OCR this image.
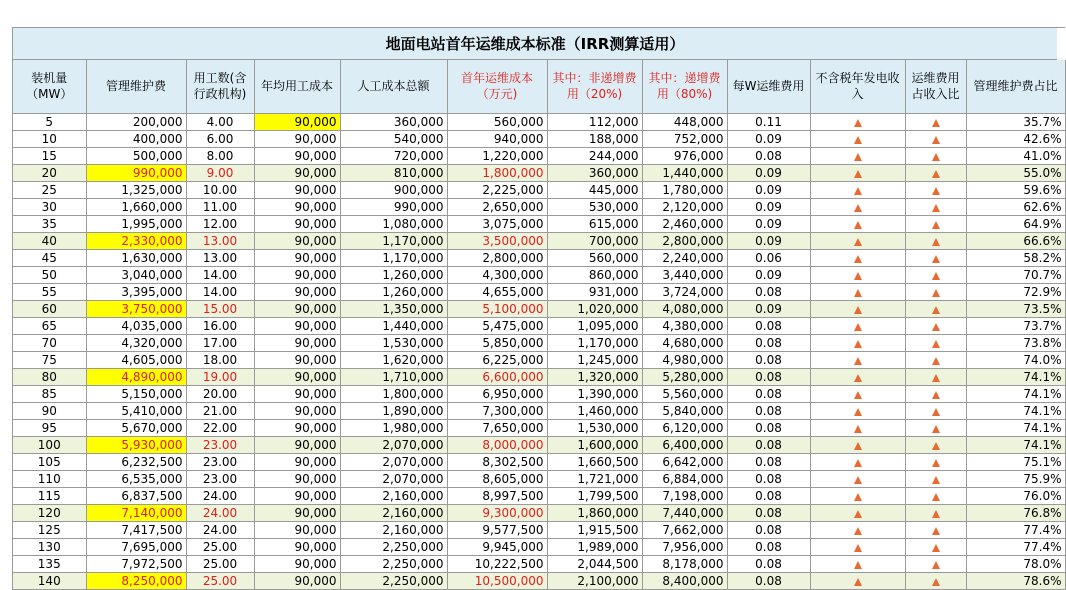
地面电站首年运维成本标准（IRR测算适用）
装机量（MW）	管理维护费	用工数(含行政机构)	年均用工成本	人工成本总额	首年运维成本（万元)	其中：非递增费用（20%)	其中：递增费用（80%)	每W运维费用	不含税年发电收入	运维费用占收入比	管理维护费占比
5	200,000	4.00	90,000	360,000	560,000	112,000	448,000	0.11			35.7%
10	400,000	6.00	90,000	540,000	940,000	188,000	752,000	0.09			42.6%
15	500,000	8.00	90,000	720,000	1,220,000	244,000	976,000	0.08			41.0%
20	990,000	9.00	90,000	810,000	1,800,000	360,000	1,440,000	0.09			55.0%
25	1,325,000	10.00	90,000	900,000	2,225,000	445,000	1,780,000	0.09			59.6%
30	1,660,000	11.00	90,000	990,000	2,650,000	530,000	2,120,000	0.09			62.6%
35	1,995,000	12.00	90,000	1,080,000	3,075,000	615,000	2,460,000	0.09			64.9%
40	2,330,000	13.00	90,000	1,170,000	3,500,000	700,000	2,800,000	0.09			66.6%
45	1,630,000	13.00	90,000	1,170,000	2,800,000	560,000	2,240,000	0.06			58.2%
50	3,040,000	14.00	90,000	1,260,000	4,300,000	860,000	3,440,000	0.09			70.7%
55	3,395,000	14.00	90,000	1,260,000	4,655,000	931,000	3,724,000	0.08			72.9%
60	3,750,000	15.00	90,000	1,350,000	5,100,000	1,020,000	4,080,000	0.09			73.5%
65	4,035,000	16.00	90,000	1,440,000	5,475,000	1,095,000	4,380,000	0.08			73.7%
70	4,320,000	17.00	90,000	1,530,000	5,850,000	1,170,000	4,680,000	0.08			73.8%
75	4,605,000	18.00	90,000	1,620,000	6,225,000	1,245,000	4,980,000	0.08			74.0%
80	4,890,000	19.00	90,000	1,710,000	6,600,000	1,320,000	5,280,000	0.08			74.1%
85	5,150,000	20.00	90,000	1,800,000	6,950,000	1,390,000	5,560,000	0.08			74.1%
90	5,410,000	21.00	90,000	1,890,000	7,300,000	1,460,000	5,840,000	0.08			74.1%
95	5,670,000	22.00	90,000	1,980,000	7,650,000	1,530,000	6,120,000	0.08			74.1%
100	5,930,000	23.00	90,000	2,070,000	8,000,000	1,600,000	6,400,000	0.08			74.1%
105	6,232,500	23.00	90,000	2,070,000	8,302,500	1,660,500	6,642,000	0.08			75.1%
110	6,535,000	23.00	90,000	2,070,000	8,605,000	1,721,000	6,884,000	0.08			75.9%
115	6,837,500	24.00	90,000	2,160,000	8,997,500	1,799,500	7,198,000	0.08			76.0%
120	7,140,000	24.00	90,000	2,160,000	9,300,000	1,860,000	7,440,000	0.08			76.8%
125	7,417,500	24.00	90,000	2,160,000	9,577,500	1,915,500	7,662,000	0.08			77.4%
130	7,695,000	25.00	90,000	2,250,000	9,945,000	1,989,000	7,956,000	0.08			77.4%
135	7,972,500	25.00	90,000	2,250,000	10,222,500	2,044,500	8,178,000	0.08			78.0%
140	8,250,000	25.00	90,000	2,250,000	10,500,000	2,100,000	8,400,000	0.08			78.6%
